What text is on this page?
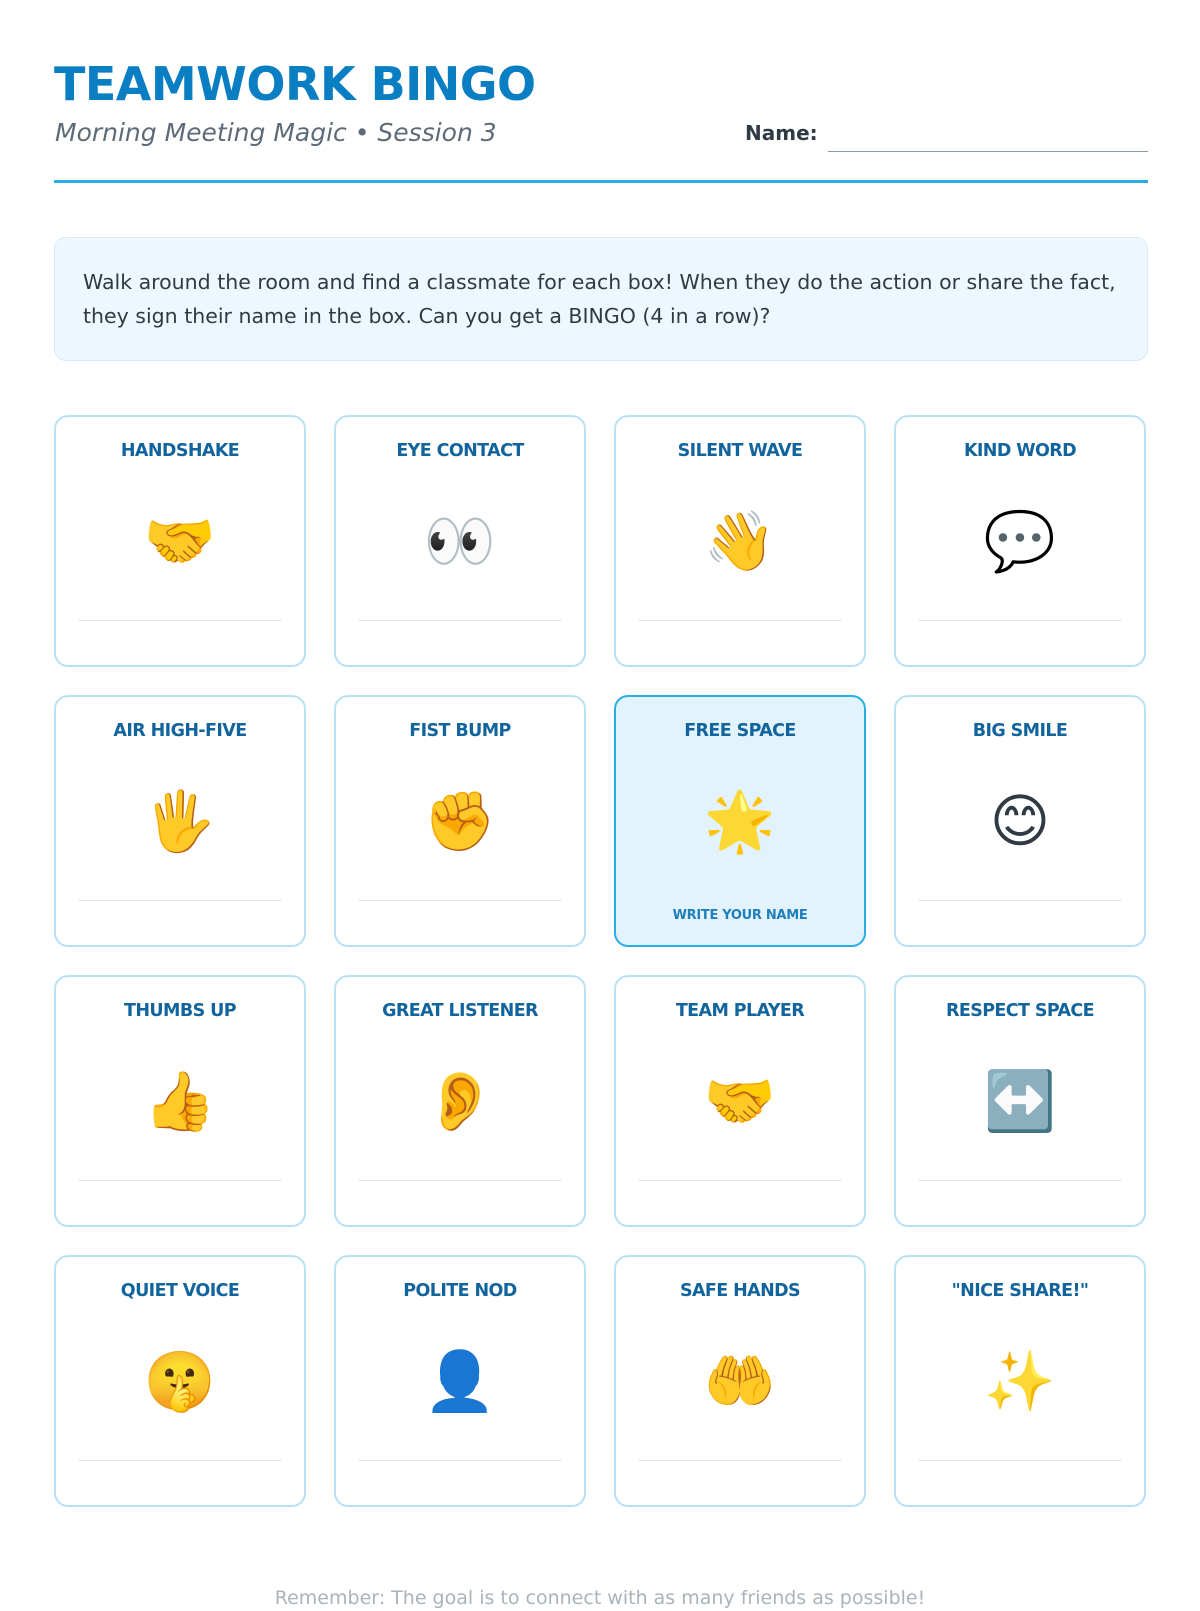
TEAMWORK BINGO
Morning Meeting Magic • Session 3	Name:

Walk around the room and find a classmate for each box! When they do the action or share the fact, they sign their name in the box. Can you get a BINGO (4 in a row)?

HANDSHAKE
🤝
EYE CONTACT
👀
SILENT WAVE
👋
KIND WORD
💬
AIR HIGH-FIVE
🖐️
FIST BUMP
✊
FREE SPACE
🌟
WRITE YOUR NAME
BIG SMILE
😊
THUMBS UP
👍
GREAT LISTENER
👂
TEAM PLAYER
🤝
RESPECT SPACE
↔️
QUIET VOICE
🤫
POLITE NOD
👤
SAFE HANDS
🤲
"NICE SHARE!"
✨
Remember: The goal is to connect with as many friends as possible!
